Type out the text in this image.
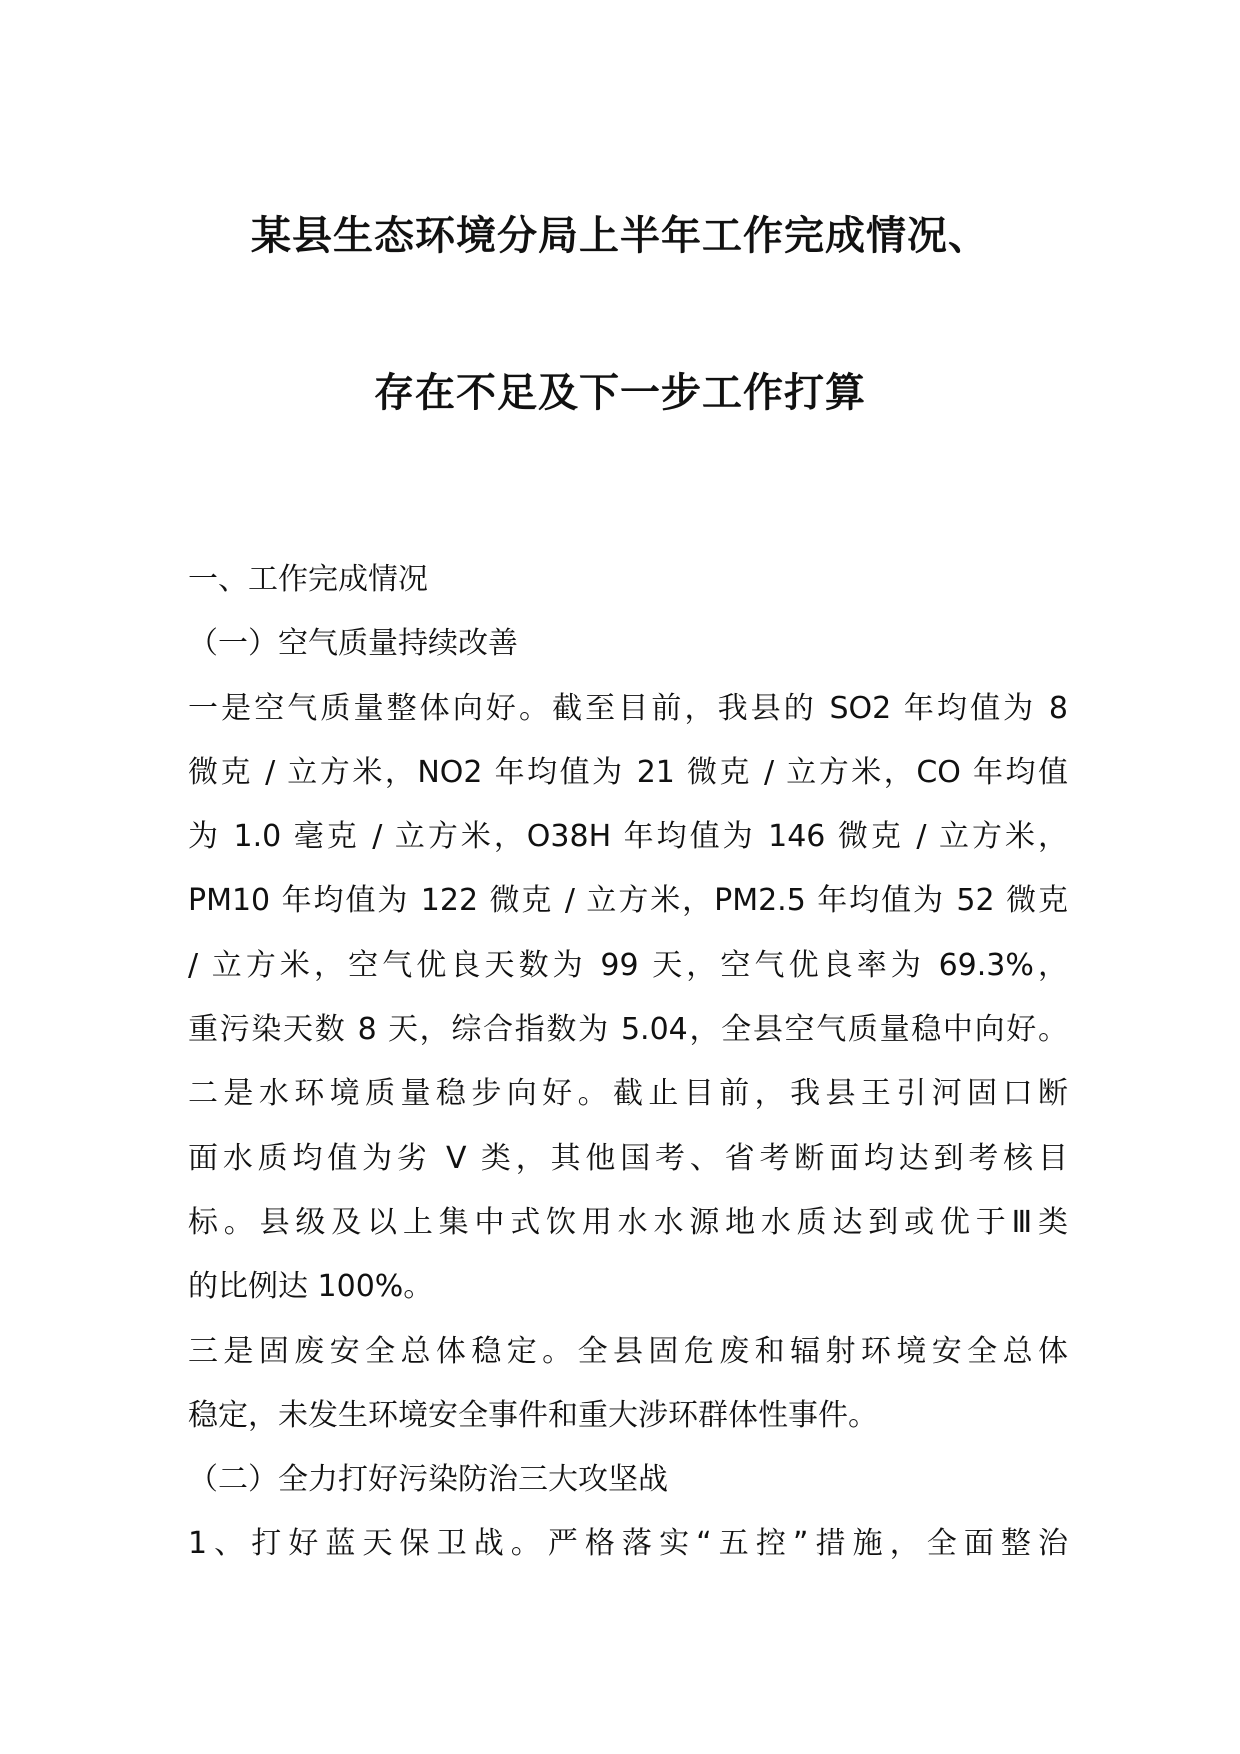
某县生态环境分局上半年工作完成情况、
存在不足及下一步工作打算
一、工作完成情况
（一）空气质量持续改善
一是空气质量整体向好。截至目前，我县的 SO2 年均值为 8
微克 / 立方米，NO2 年均值为 21 微克 / 立方米，CO 年均值
为 1.0 毫克 / 立方米，O38H 年均值为 146 微克 / 立方米，
PM10 年均值为 122 微克 / 立方米，PM2.5 年均值为 52 微克
/ 立方米，空气优良天数为 99 天，空气优良率为 69.3%，
重污染天数 8 天，综合指数为 5.04，全县空气质量稳中向好。
二是水环境质量稳步向好。截止目前，我县王引河固口断
面水质均值为劣 V 类，其他国考、省考断面均达到考核目
标。县级及以上集中式饮用水水源地水质达到或优于Ⅲ类
的比例达 100%。
三是固废安全总体稳定。全县固危废和辐射环境安全总体
稳定，未发生环境安全事件和重大涉环群体性事件。
（二）全力打好污染防治三大攻坚战
1、打好蓝天保卫战。严格落实“五控”措施，全面整治
